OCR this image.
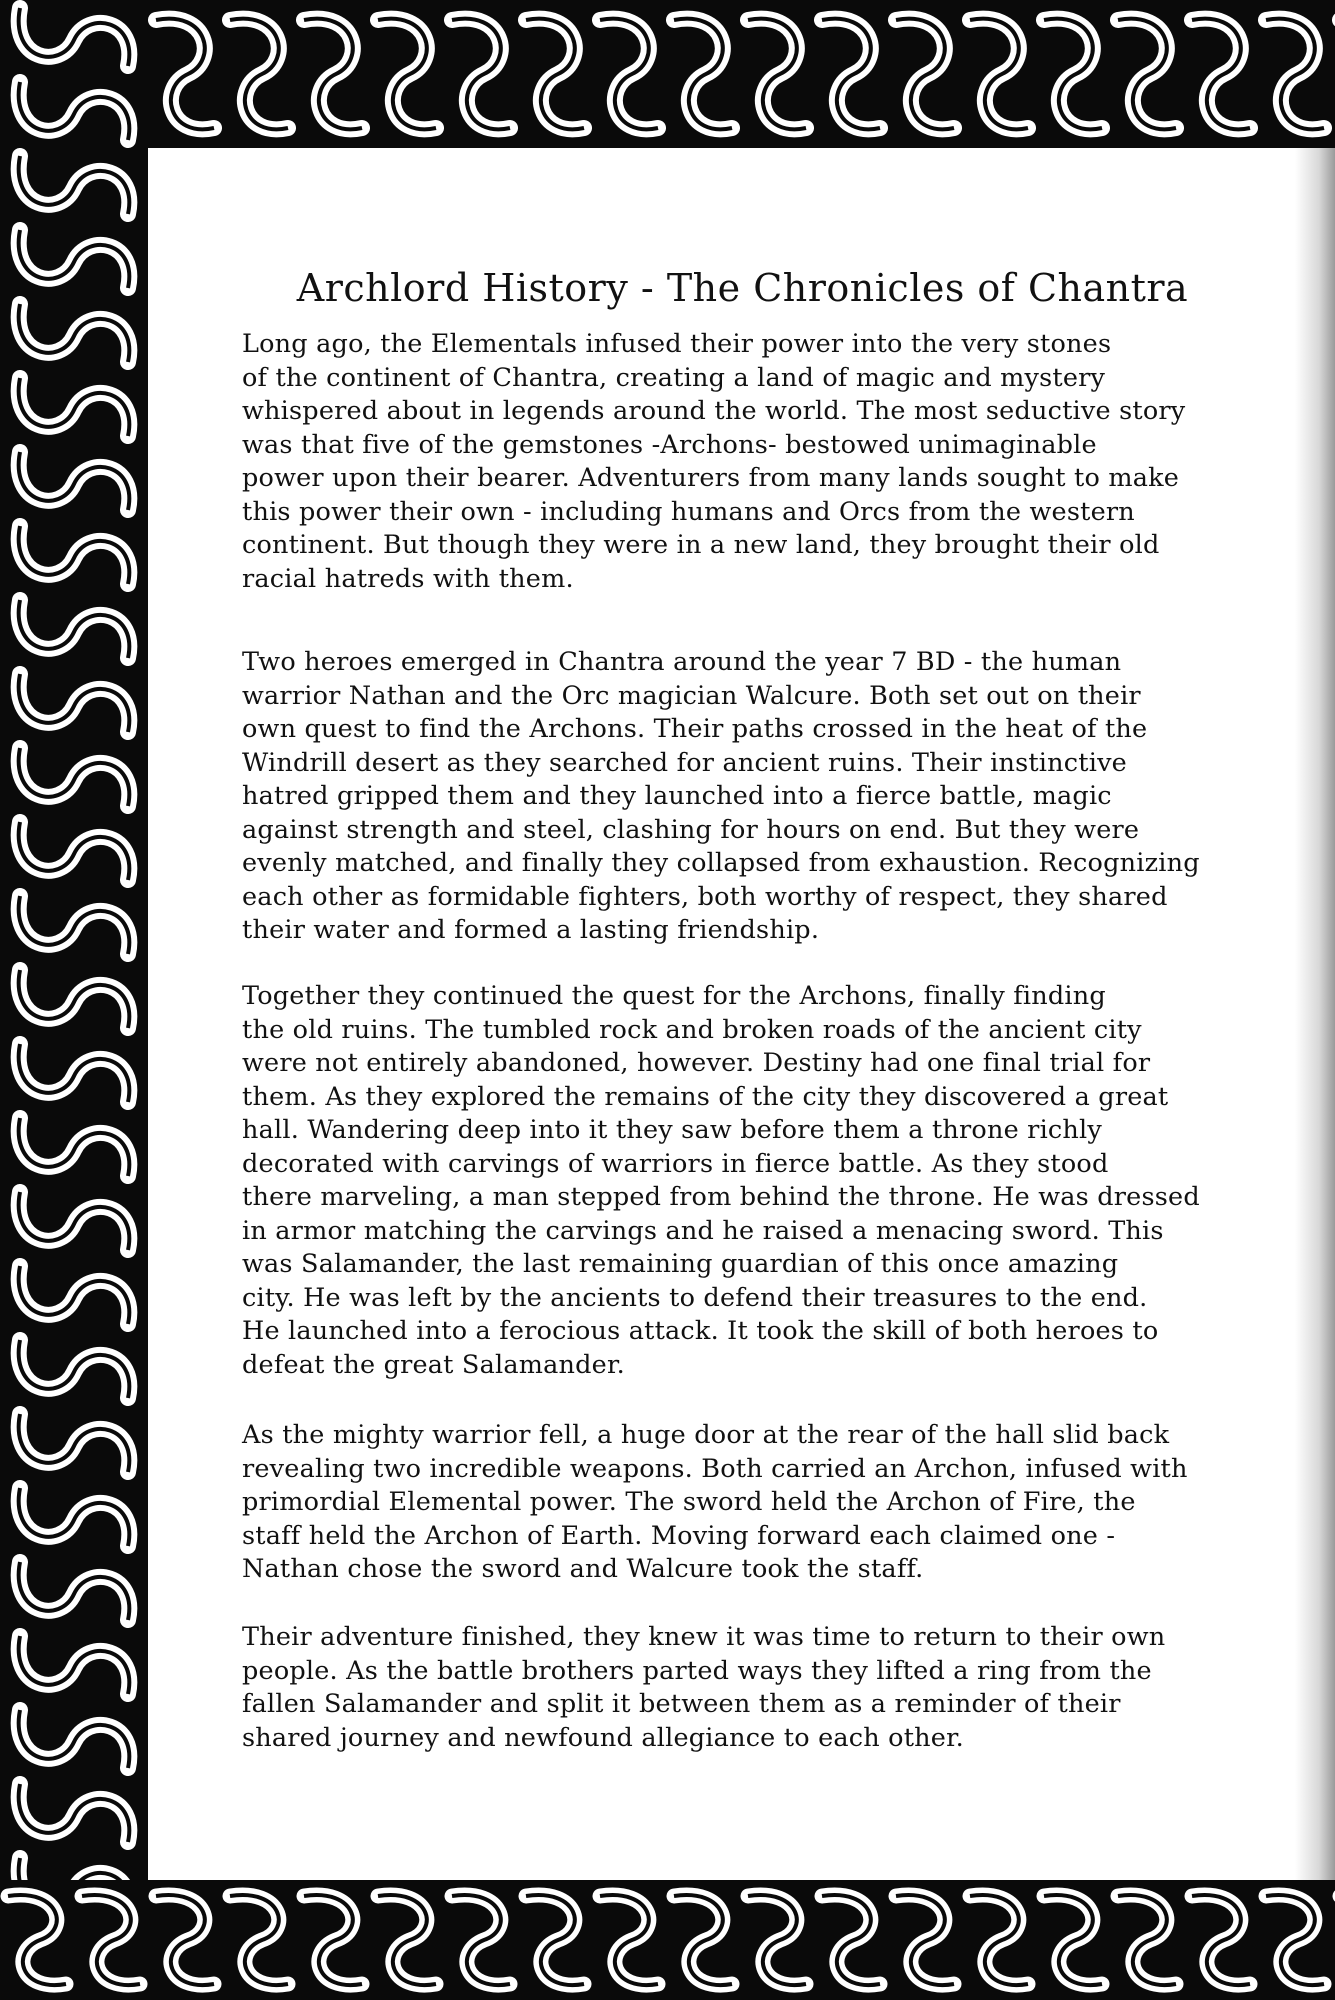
Archlord History - The Chronicles of Chantra
Long ago, the Elementals infused their power into the very stones
of the continent of Chantra, creating a land of magic and mystery
whispered about in legends around the world. The most seductive story
was that five of the gemstones -Archons- bestowed unimaginable
power upon their bearer. Adventurers from many lands sought to make
this power their own - including humans and Orcs from the western
continent. But though they were in a new land, they brought their old
racial hatreds with them.
Two heroes emerged in Chantra around the year 7 BD - the human
warrior Nathan and the Orc magician Walcure. Both set out on their
own quest to find the Archons. Their paths crossed in the heat of the
Windrill desert as they searched for ancient ruins. Their instinctive
hatred gripped them and they launched into a fierce battle, magic
against strength and steel, clashing for hours on end. But they were
evenly matched, and finally they collapsed from exhaustion. Recognizing
each other as formidable fighters, both worthy of respect, they shared
their water and formed a lasting friendship.
Together they continued the quest for the Archons, finally finding
the old ruins. The tumbled rock and broken roads of the ancient city
were not entirely abandoned, however. Destiny had one final trial for
them. As they explored the remains of the city they discovered a great
hall. Wandering deep into it they saw before them a throne richly
decorated with carvings of warriors in fierce battle. As they stood
there marveling, a man stepped from behind the throne. He was dressed
in armor matching the carvings and he raised a menacing sword. This
was Salamander, the last remaining guardian of this once amazing
city. He was left by the ancients to defend their treasures to the end.
He launched into a ferocious attack. It took the skill of both heroes to
defeat the great Salamander.
As the mighty warrior fell, a huge door at the rear of the hall slid back
revealing two incredible weapons. Both carried an Archon, infused with
primordial Elemental power. The sword held the Archon of Fire, the
staff held the Archon of Earth. Moving forward each claimed one -
Nathan chose the sword and Walcure took the staff.
Their adventure finished, they knew it was time to return to their own
people. As the battle brothers parted ways they lifted a ring from the
fallen Salamander and split it between them as a reminder of their
shared journey and newfound allegiance to each other.
